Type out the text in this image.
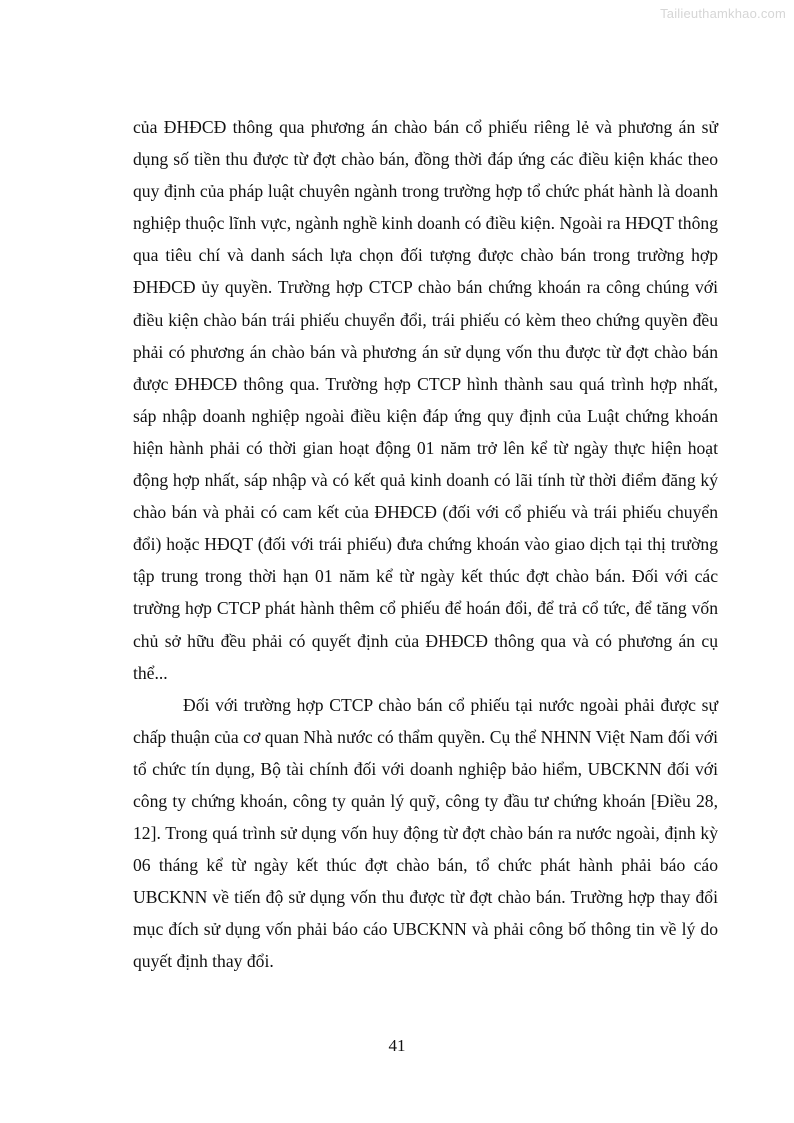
Tailieuthamkhao.com

của ĐHĐCĐ thông qua phương án chào bán cổ phiếu riêng lẻ và phương án sử dụng số tiền thu được từ đợt chào bán, đồng thời đáp ứng các điều kiện khác theo quy định của pháp luật chuyên ngành trong trường hợp tổ chức phát hành là doanh nghiệp thuộc lĩnh vực, ngành nghề kinh doanh có điều kiện. Ngoài ra HĐQT thông qua tiêu chí và danh sách lựa chọn đối tượng được chào bán trong trường hợp ĐHĐCĐ ủy quyền. Trường hợp CTCP chào bán chứng khoán ra công chúng với điều kiện chào bán trái phiếu chuyển đổi, trái phiếu có kèm theo chứng quyền đều phải có phương án chào bán và phương án sử dụng vốn thu được từ đợt chào bán được ĐHĐCĐ thông qua. Trường hợp CTCP hình thành sau quá trình hợp nhất, sáp nhập doanh nghiệp ngoài điều kiện đáp ứng quy định của Luật chứng khoán hiện hành phải có thời gian hoạt động 01 năm trở lên kể từ ngày thực hiện hoạt động hợp nhất, sáp nhập và có kết quả kinh doanh có lãi tính từ thời điểm đăng ký chào bán và phải có cam kết của ĐHĐCĐ (đối với cổ phiếu và trái phiếu chuyển đổi) hoặc HĐQT (đối với trái phiếu) đưa chứng khoán vào giao dịch tại thị trường tập trung trong thời hạn 01 năm kể từ ngày kết thúc đợt chào bán. Đối với các trường hợp CTCP phát hành thêm cổ phiếu để hoán đổi, để trả cổ tức, để tăng vốn chủ sở hữu đều phải có quyết định của ĐHĐCĐ thông qua và có phương án cụ thể...

Đối với trường hợp CTCP chào bán cổ phiếu tại nước ngoài phải được sự chấp thuận của cơ quan Nhà nước có thẩm quyền. Cụ thể NHNN Việt Nam đối với tổ chức tín dụng, Bộ tài chính đối với doanh nghiệp bảo hiểm, UBCKNN đối với công ty chứng khoán, công ty quản lý quỹ, công ty đầu tư chứng khoán [Điều 28, 12]. Trong quá trình sử dụng vốn huy động từ đợt chào bán ra nước ngoài, định kỳ 06 tháng kể từ ngày kết thúc đợt chào bán, tổ chức phát hành phải báo cáo UBCKNN về tiến độ sử dụng vốn thu được từ đợt chào bán. Trường hợp thay đổi mục đích sử dụng vốn phải báo cáo UBCKNN và phải công bố thông tin về lý do quyết định thay đổi.

41
